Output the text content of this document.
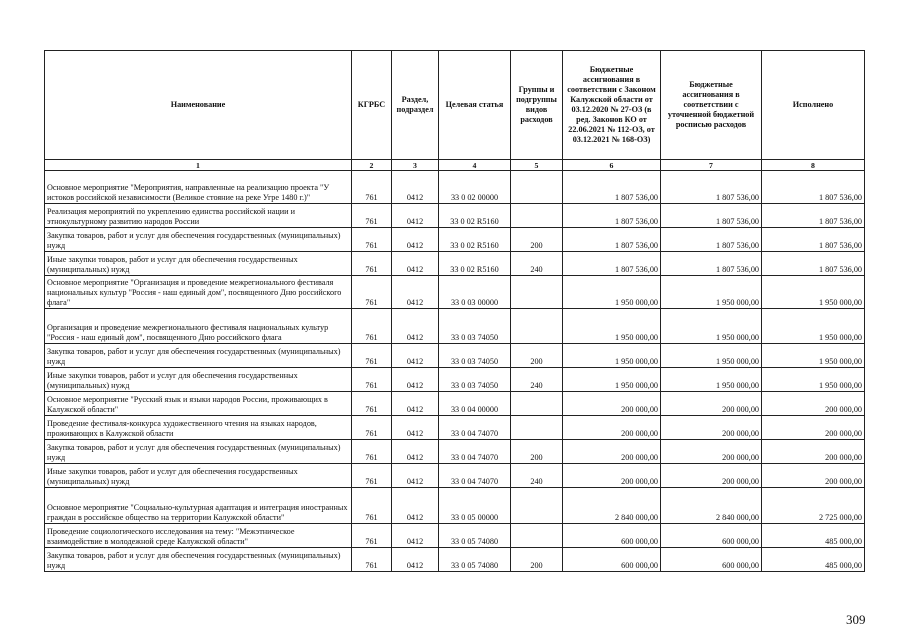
Наименование	КГРБС	Раздел, подраздел	Целевая статья	Группы и подгруппы видов расходов	Бюджетные ассигнования в соответствии с Законом Калужской области от 03.12.2020 № 27-ОЗ (в ред. Законов КО от 22.06.2021 № 112-ОЗ, от 03.12.2021 № 168-ОЗ)	Бюджетные ассигнования в соответствии с уточненной бюджетной росписью расходов	Исполнено
1	2	3	4	5	6	7	8
Основное мероприятие "Мероприятия, направленные на реализацию проекта "У истоков российской независимости (Великое стояние на реке Угре 1480 г.)"	761	0412	33 0 02 00000		1 807 536,00	1 807 536,00	1 807 536,00
Реализация мероприятий по укреплению единства российской нации и этнокультурному развитию народов России	761	0412	33 0 02 R5160		1 807 536,00	1 807 536,00	1 807 536,00
Закупка товаров, работ и услуг для обеспечения государственных (муниципальных) нужд	761	0412	33 0 02 R5160	200	1 807 536,00	1 807 536,00	1 807 536,00
Иные закупки товаров, работ и услуг для обеспечения государственных (муниципальных) нужд	761	0412	33 0 02 R5160	240	1 807 536,00	1 807 536,00	1 807 536,00
Основное мероприятие "Организация и проведение межрегионального фестиваля национальных культур "Россия - наш единый дом", посвященного Дню российского флага"	761	0412	33 0 03 00000		1 950 000,00	1 950 000,00	1 950 000,00
Организация и проведение межрегионального фестиваля национальных культур "Россия - наш единый дом", посвященного Дню российского флага	761	0412	33 0 03 74050		1 950 000,00	1 950 000,00	1 950 000,00
Закупка товаров, работ и услуг для обеспечения государственных (муниципальных) нужд	761	0412	33 0 03 74050	200	1 950 000,00	1 950 000,00	1 950 000,00
Иные закупки товаров, работ и услуг для обеспечения государственных (муниципальных) нужд	761	0412	33 0 03 74050	240	1 950 000,00	1 950 000,00	1 950 000,00
Основное мероприятие "Русский язык и языки народов России, проживающих в Калужской области"	761	0412	33 0 04 00000		200 000,00	200 000,00	200 000,00
Проведение фестиваля-конкурса художественного чтения на языках народов, проживающих в Калужской области	761	0412	33 0 04 74070		200 000,00	200 000,00	200 000,00
Закупка товаров, работ и услуг для обеспечения государственных (муниципальных) нужд	761	0412	33 0 04 74070	200	200 000,00	200 000,00	200 000,00
Иные закупки товаров, работ и услуг для обеспечения государственных (муниципальных) нужд	761	0412	33 0 04 74070	240	200 000,00	200 000,00	200 000,00
Основное мероприятие "Социально-культурная адаптация и интеграция иностранных граждан в российское общество на территории Калужской области"	761	0412	33 0 05 00000		2 840 000,00	2 840 000,00	2 725 000,00
Проведение социологического исследования на тему: "Межэтническое взаимодействие в молодежной среде Калужской области"	761	0412	33 0 05 74080		600 000,00	600 000,00	485 000,00
Закупка товаров, работ и услуг для обеспечения государственных (муниципальных) нужд	761	0412	33 0 05 74080	200	600 000,00	600 000,00	485 000,00
309
